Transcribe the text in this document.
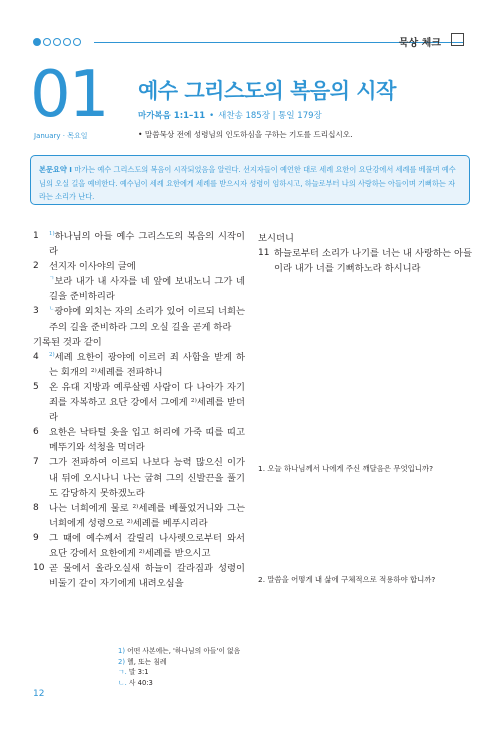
묵상 체크
01
January · 목요일
예수 그리스도의 복음의 시작
마가복음 1:1–11 • 새찬송 185장 | 통일 179장
• 말씀묵상 전에 성령님의 인도하심을 구하는 기도를 드리십시오.
본문요약 Ⅰ 마가는 예수 그리스도의 복음이 시작되었음을 알린다. 선지자들이 예언한 대로 세례 요한이 요단강에서 세례를 베풀며 예수님의 오실 길을 예비한다. 예수님이 세례 요한에게 세례를 받으시자 성령이 임하시고, 하늘로부터 나의 사랑하는 아들이며 기뻐하는 자라는 소리가 난다.
1 $^{1)}$하나님의 아들 예수 그리스도의 복음의 시작이라
2 선지자 이사야의 글에
$^ㄱ$보라 내가 내 사자를 네 앞에 보내노니 그가 네 길을 준비하리라
3 $^ㄴ$광야에 외치는 자의 소리가 있어 이르되 너희는 주의 길을 준비하라 그의 오실 길을 곧게 하라
기록된 것과 같이
4 $^{2)}$세례 요한이 광야에 이르러 죄 사함을 받게 하는 회개의 ²⁾세례를 전파하니
5 온 유대 지방과 예루살렘 사람이 다 나아가 자기 죄를 자복하고 요단 강에서 그에게 ²⁾세례를 받더라
6 요한은 낙타털 옷을 입고 허리에 가죽 띠를 띠고 메뚜기와 석청을 먹더라
7 그가 전파하여 이르되 나보다 능력 많으신 이가 내 뒤에 오시나니 나는 굽혀 그의 신발끈을 풀기도 감당하지 못하겠노라
8 나는 너희에게 물로 ²⁾세례를 베풀었거니와 그는 너희에게 성령으로 ²⁾세례를 베푸시리라
9 그 때에 예수께서 갈릴리 나사렛으로부터 와서 요단 강에서 요한에게 ²⁾세례를 받으시고
10 곧 물에서 올라오실새 하늘이 갈라짐과 성령이 비둘기 같이 자기에게 내려오심을
보시더니
11 하늘로부터 소리가 나기를 너는 내 사랑하는 아들이라 내가 너를 기뻐하노라 하시니라
1. 오늘 하나님께서 나에게 주신 깨달음은 무엇입니까?
2. 말씀을 어떻게 내 삶에 구체적으로 적용하야 합니까?
1) 어떤 사본에는, '하나님의 아들'이 없음
2) 헬, 또는 침례
ㄱ. 말 3:1
ㄴ. 사 40:3
12
